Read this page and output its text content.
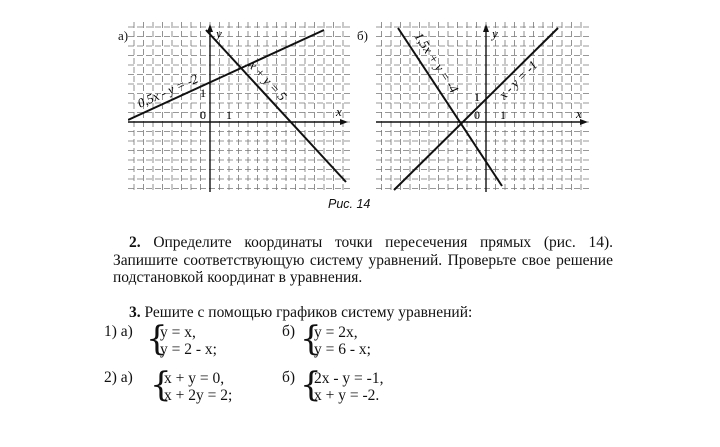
а)	y
x
0 1
1
0,5x - y = -2	x + y = 5
б)	y
x
0 1
1
1,5x + y = -4	x - y = -1
Рис. 14
2. Определите координаты точки пересечения прямых (рис. 14). Запишите соответствующую систему уравнений. Проверьте свое решение подстановкой координат в уравнения.
3. Решите с помощью графиков систему уравнений:
1) а) {
y = x,
y = 2 - x;
б) {
y = 2x,
y = 6 - x;
2) а) {
x + y = 0,
x + 2y = 2;
б) {
2x - y = -1,
x + y = -2.
